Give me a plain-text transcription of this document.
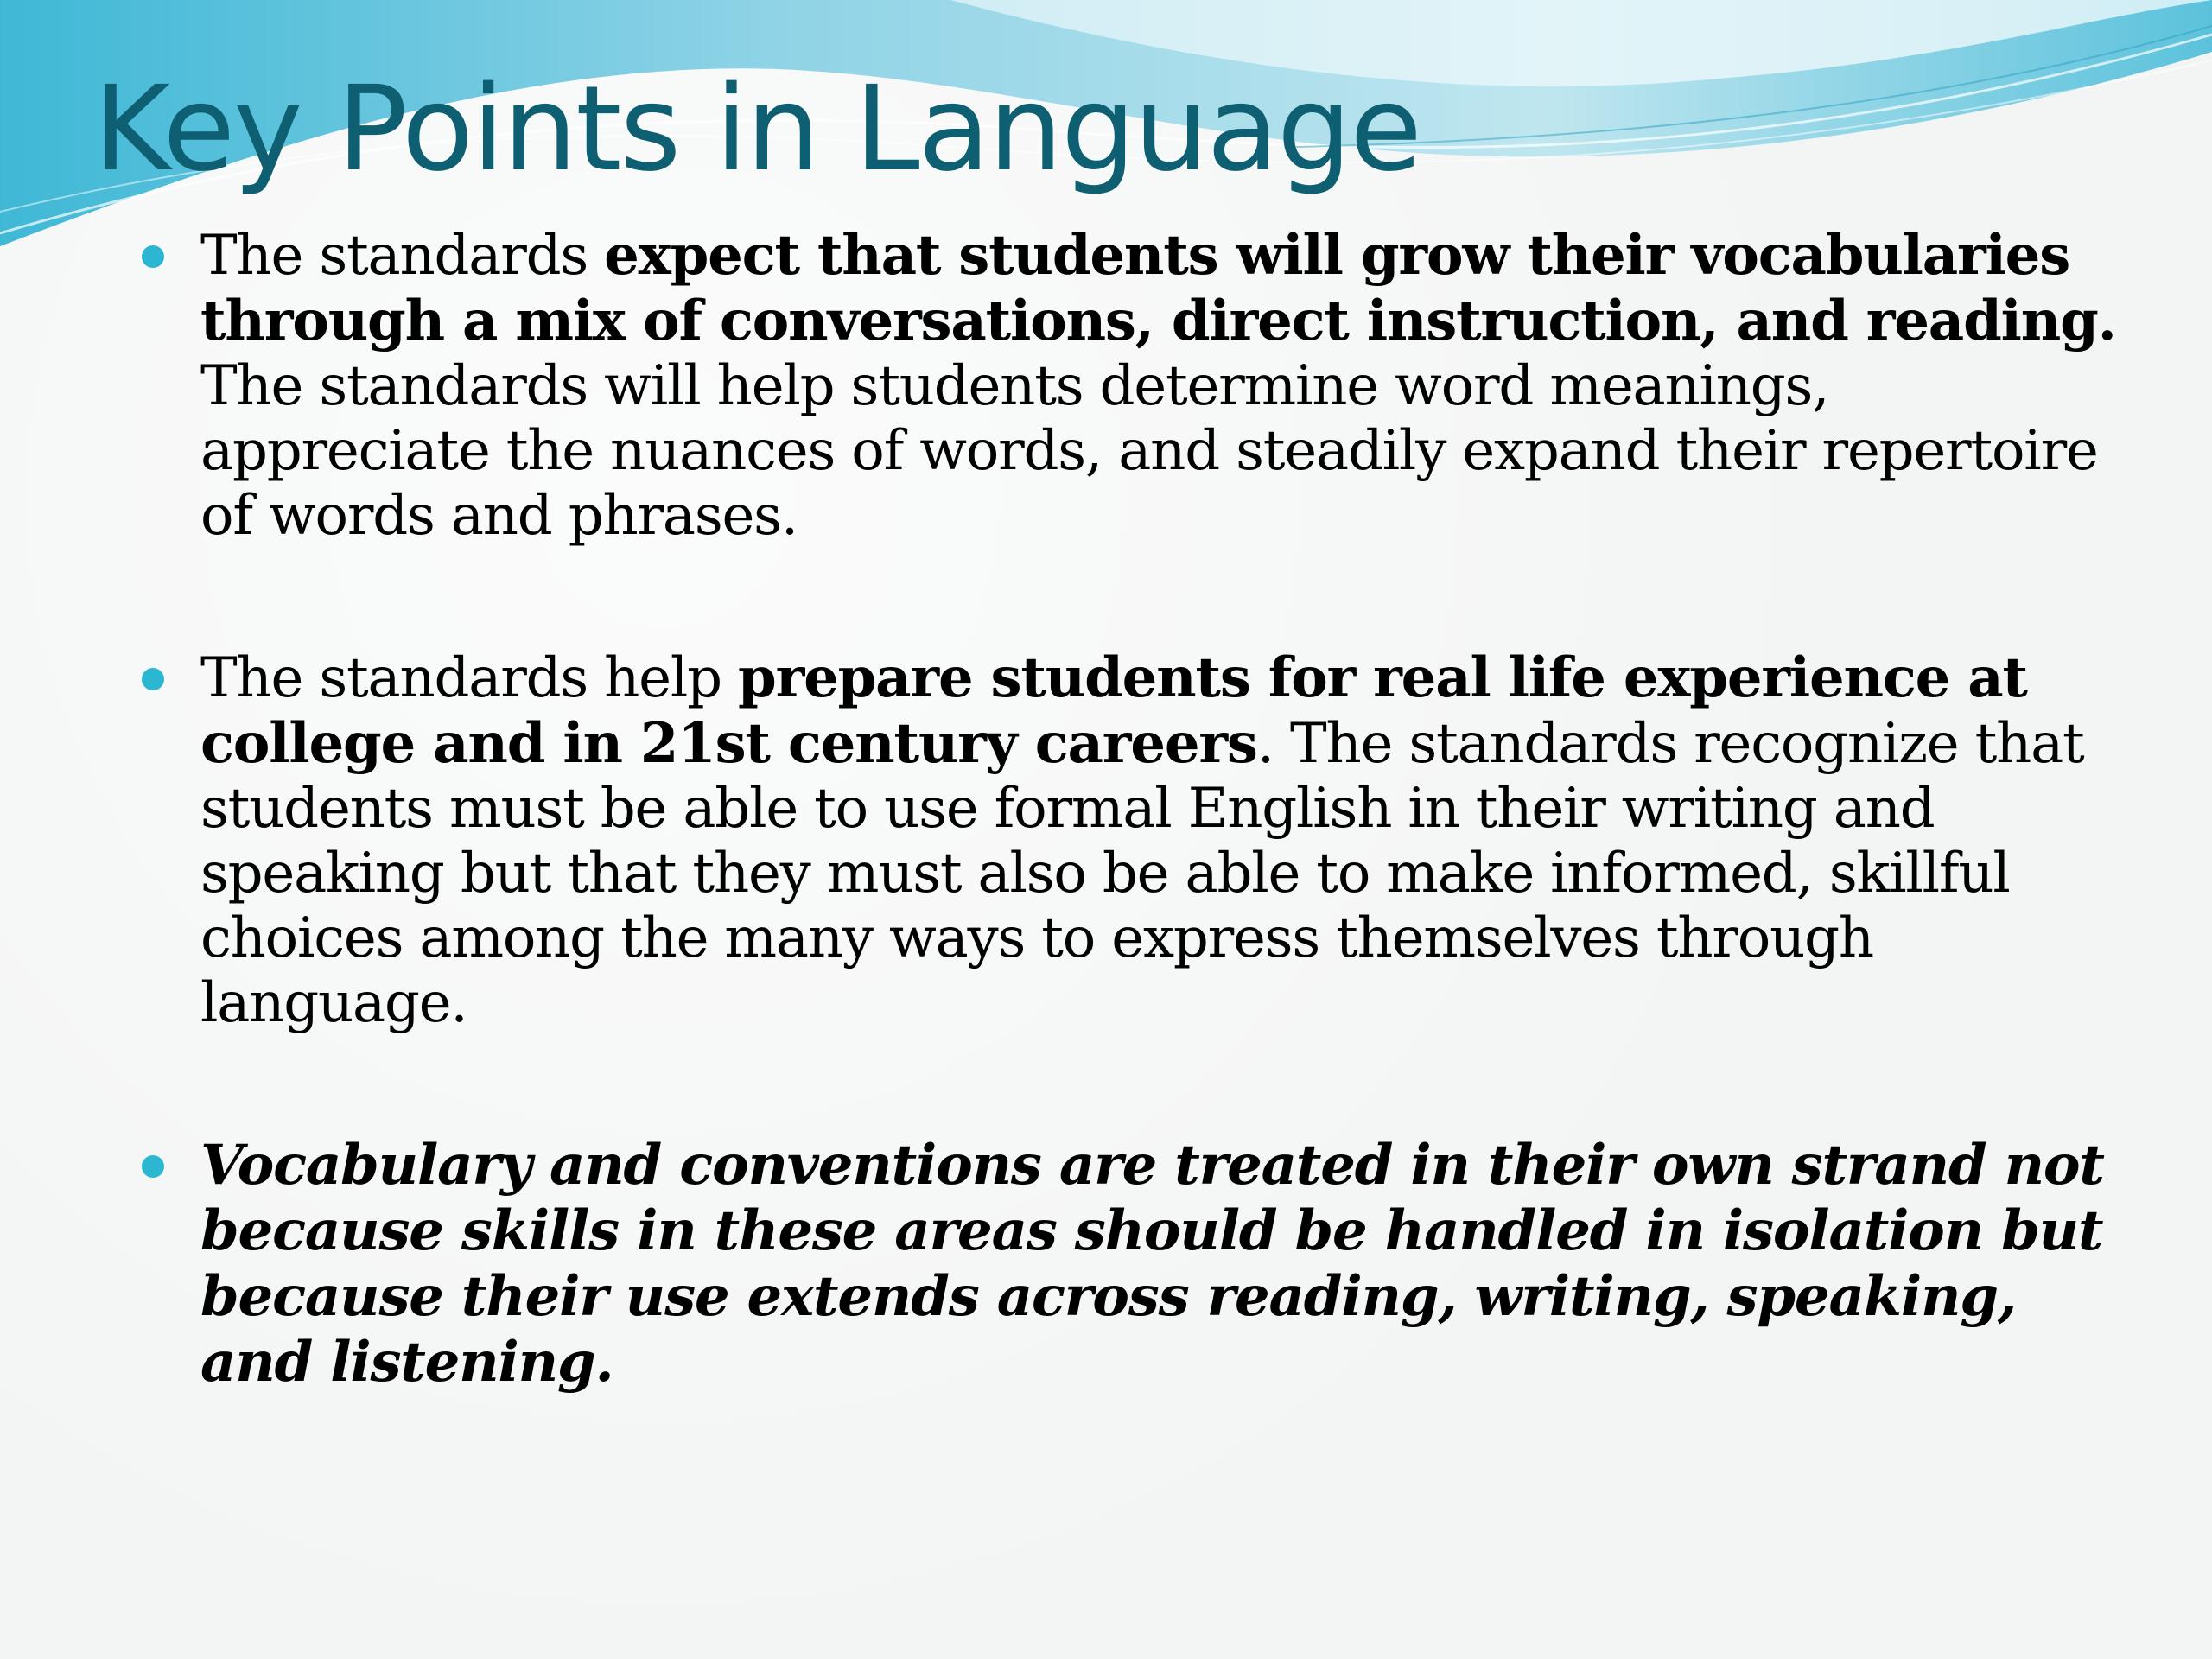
Key Points in Language
The standards expect that students will grow their vocabularies through a mix of conversations, direct instruction, and reading. The standards will help students determine word meanings, appreciate the nuances of words, and steadily expand their repertoire of words and phrases.
The standards help prepare students for real life experience at college and in 21st century careers. The standards recognize that students must be able to use formal English in their writing and speaking but that they must also be able to make informed, skillful choices among the many ways to express themselves through language.
Vocabulary and conventions are treated in their own strand not because skills in these areas should be handled in isolation but because their use extends across reading, writing, speaking, and listening.
